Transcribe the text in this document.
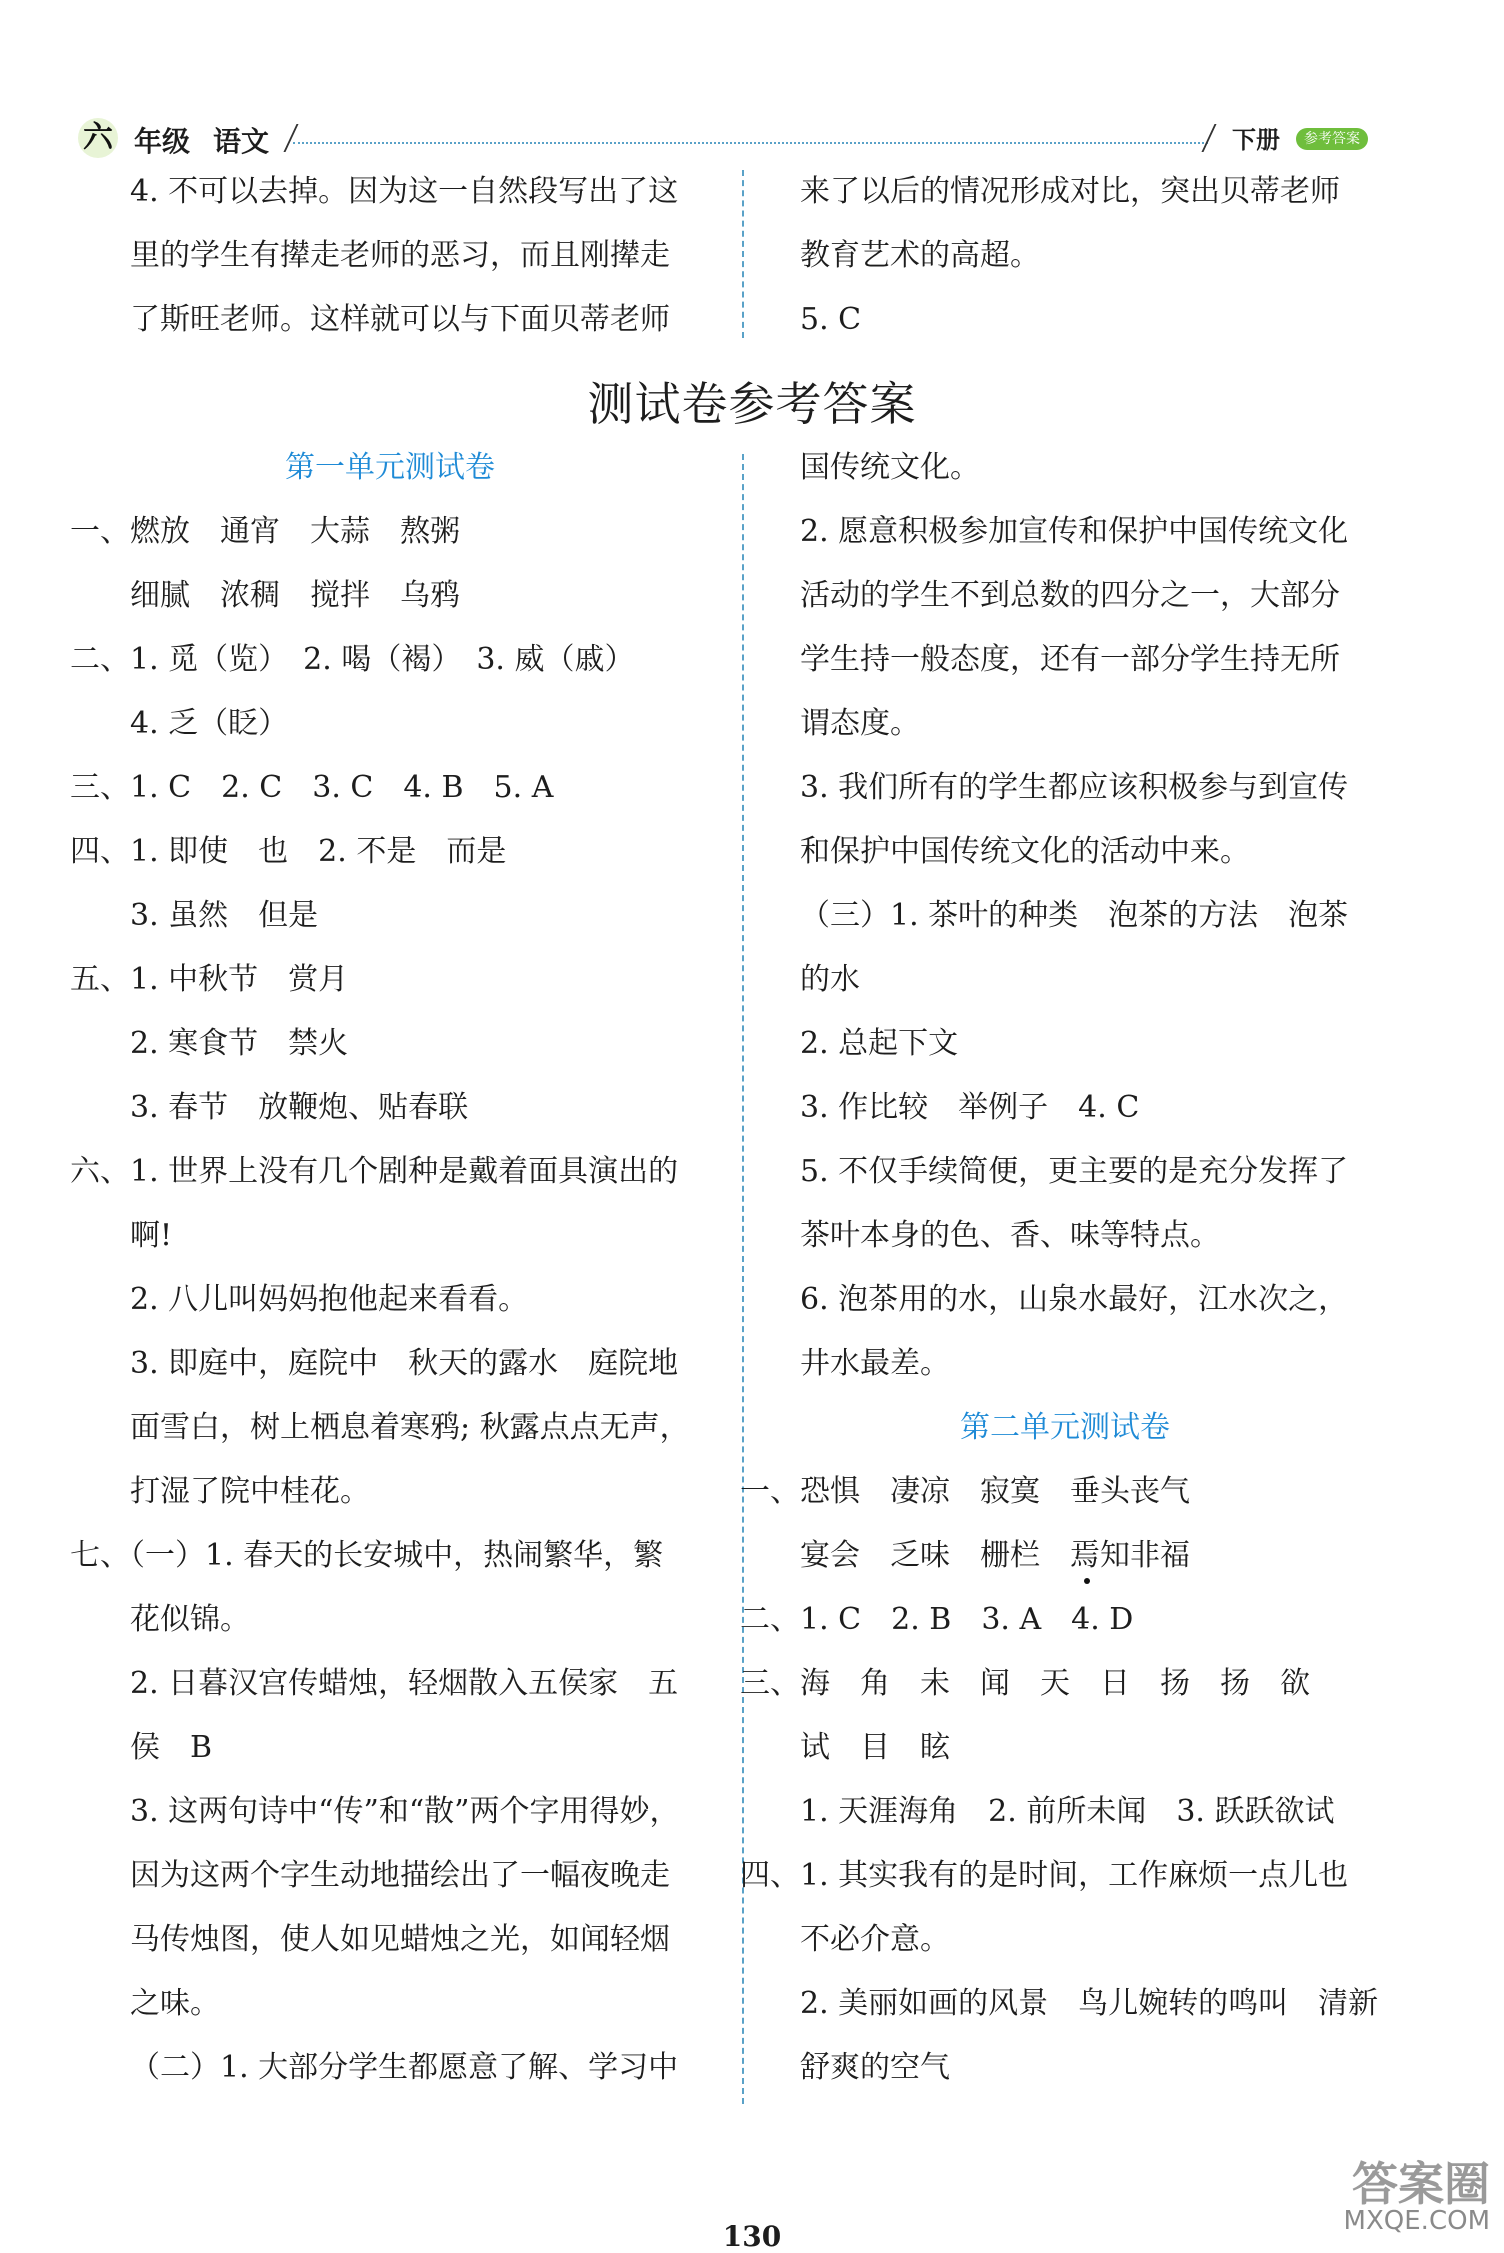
六 年级 语文	下册	参考答案
4. 不可以去掉。因为这一自然段写出了这
里的学生有撵走老师的恶习，而且刚撵走
了斯旺老师。这样就可以与下面贝蒂老师
来了以后的情况形成对比，突出贝蒂老师
教育艺术的高超。
5. C
测试卷参考答案
第一单元测试卷
一、燃放　通宵　大蒜　熬粥
细腻　浓稠　搅拌　乌鸦
二、1. 觅（览）　2. 喝（褐）　3. 威（戚）
4. 乏（眨）
三、1. C　2. C　3. C　4. B　5. A
四、1. 即使　也　2. 不是　而是
3. 虽然　但是
五、1. 中秋节　赏月
2. 寒食节　禁火
3. 春节　放鞭炮、贴春联
六、1. 世界上没有几个剧种是戴着面具演出的
啊!
2. 八儿叫妈妈抱他起来看看。
3. 即庭中，庭院中　秋天的露水　庭院地
面雪白，树上栖息着寒鸦; 秋露点点无声，
打湿了院中桂花。
七、（一）1. 春天的长安城中，热闹繁华，繁
花似锦。
2. 日暮汉宫传蜡烛，轻烟散入五侯家　五
侯　B
3. 这两句诗中“传”和“散”两个字用得妙，
因为这两个字生动地描绘出了一幅夜晚走
马传烛图，使人如见蜡烛之光，如闻轻烟
之味。
（二）1. 大部分学生都愿意了解、学习中
国传统文化。
2. 愿意积极参加宣传和保护中国传统文化
活动的学生不到总数的四分之一，大部分
学生持一般态度，还有一部分学生持无所
谓态度。
3. 我们所有的学生都应该积极参与到宣传
和保护中国传统文化的活动中来。
（三）1. 茶叶的种类　泡茶的方法　泡茶
的水
2. 总起下文
3. 作比较　举例子　4. C
5. 不仅手续简便，更主要的是充分发挥了
茶叶本身的色、香、味等特点。
6. 泡茶用的水，山泉水最好，江水次之，
井水最差。
第二单元测试卷
一、恐惧　凄凉　寂寞　垂头丧气
宴会　乏味　栅栏　焉知非福
二、1. C　2. B　3. A　4. D
三、海　角　未　闻　天　日　扬　扬　欲
试　目　眩
1. 天涯海角　2. 前所未闻　3. 跃跃欲试
四、1. 其实我有的是时间，工作麻烦一点儿也
不必介意。
2. 美丽如画的风景　鸟儿婉转的鸣叫　清新
舒爽的空气
130
答案圈
MXQE.COM
